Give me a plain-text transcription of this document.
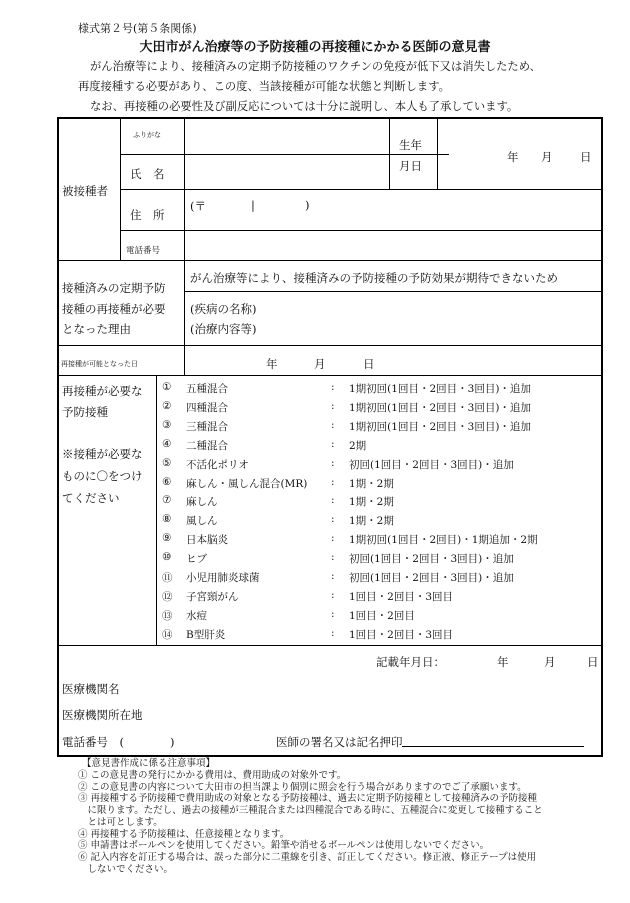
様式第２号(第５条関係)
大田市がん治療等の予防接種の再接種にかかる医師の意見書
がん治療等により、接種済みの定期予防接種のワクチンの免疫が低下又は消失したため、
再度接種する必要があり、この度、当該接種が可能な状態と判断します。
なお、再接種の必要性及び副反応については十分に説明し、本人も了承しています。
被接種者
ふりがな
氏　名
生年
月日
年 月 日
住　所
(〒	|	)
電話番号
接種済みの定期予防
接種の再接種が必要
となった理由
がん治療等により、接種済みの予防接種の予防効果が期待できないため
(疾病の名称)
(治療内容等)
再接種が可能となった日	年	月	日
再接種が必要な
予防接種
※接種が必要な
ものに〇をつけ
てください
① 五種混合	: 1期初回(1回目・2回目・3回目)・追加
② 四種混合	: 1期初回(1回目・2回目・3回目)・追加
③ 三種混合	: 1期初回(1回目・2回目・3回目)・追加
④ 二種混合	: 2期
⑤ 不活化ポリオ	: 初回(1回目・2回目・3回目)・追加
⑥ 麻しん・風しん混合(MR) : 1期・2期
⑦ 麻しん	: 1期・2期
⑧ 風しん	: 1期・2期
⑨ 日本脳炎	: 1期初回(1回目・2回目)・1期追加・2期
⑩ ヒブ	: 初回(1回目・2回目・3回目)・追加
⑪ 小児用肺炎球菌	: 初回(1回目・2回目・3回目)・追加
⑫ 子宮頸がん	: 1回目・2回目・3回目
⑬ 水痘	: 1回目・2回目
⑭ B型肝炎	: 1回目・2回目・3回目
記載年月日：	年	月	日
医療機関名
医療機関所在地
電話番号　(　　　　)	医師の署名又は記名押印
【意見書作成に係る注意事項】
① この意見書の発行にかかる費用は、費用助成の対象外です。
② この意見書の内容について大田市の担当課より個別に照会を行う場合がありますのでご了承願います。
③ 再接種する予防接種で費用助成の対象となる予防接種は、過去に定期予防接種として接種済みの予防接種
　に限ります。ただし、過去の接種が三種混合または四種混合である時に、五種混合に変更して接種すること
　とは可とします。
④ 再接種する予防接種は、任意接種となります。
⑤ 申請書はボールペンを使用してください。鉛筆や消せるボールペンは使用しないでください。
⑥ 記入内容を訂正する場合は、誤った部分に二重線を引き、訂正してください。修正液、修正テープは使用
　しないでください。
